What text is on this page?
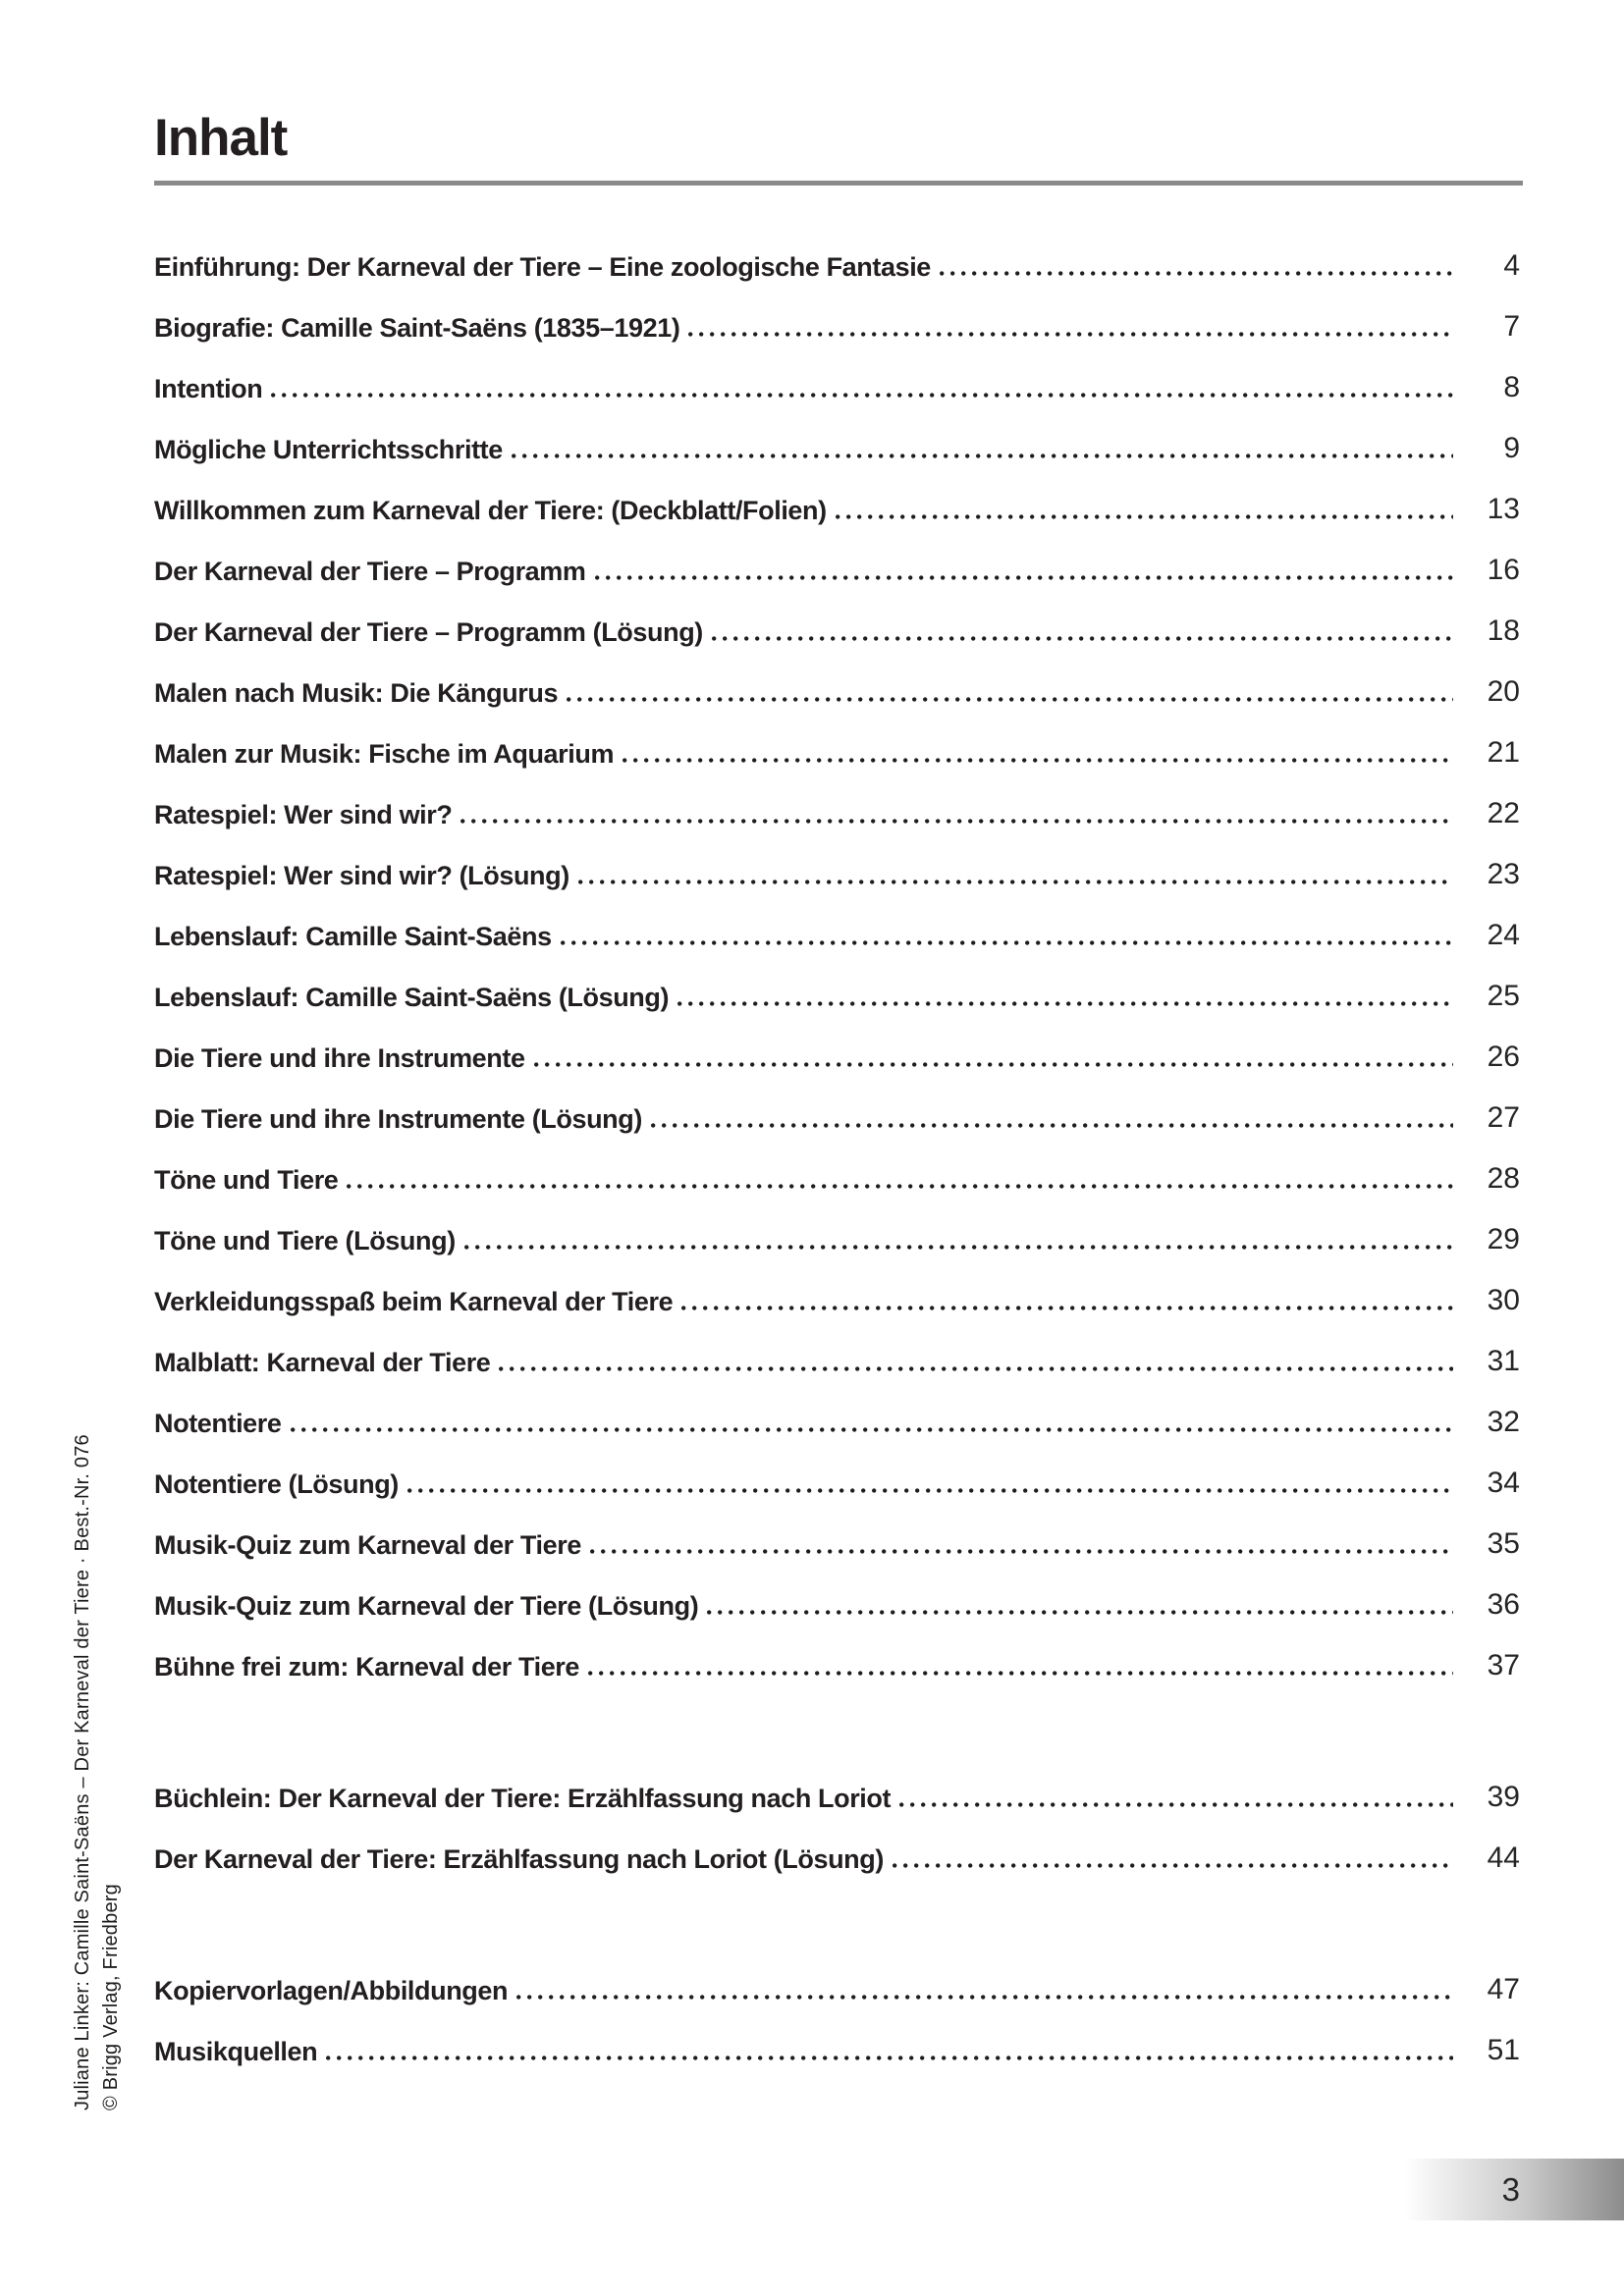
Juliane Linker: Camille Saint-Saëns – Der Karneval der Tiere · Best.-Nr. 076 © Brigg Verlag, Friedberg
Inhalt
Einführung: Der Karneval der Tiere – Eine zoologische Fantasie	4
Biografie: Camille Saint-Saëns (1835–1921)	7
Intention	8
Mögliche Unterrichtsschritte	9
Willkommen zum Karneval der Tiere: (Deckblatt/Folien)	13
Der Karneval der Tiere – Programm	16
Der Karneval der Tiere – Programm (Lösung)	18
Malen nach Musik: Die Kängurus	20
Malen zur Musik: Fische im Aquarium	21
Ratespiel: Wer sind wir?	22
Ratespiel: Wer sind wir? (Lösung)	23
Lebenslauf: Camille Saint-Saëns	24
Lebenslauf: Camille Saint-Saëns (Lösung)	25
Die Tiere und ihre Instrumente	26
Die Tiere und ihre Instrumente (Lösung)	27
Töne und Tiere	28
Töne und Tiere (Lösung)	29
Verkleidungsspaß beim Karneval der Tiere	30
Malblatt: Karneval der Tiere	31
Notentiere	32
Notentiere (Lösung)	34
Musik-Quiz zum Karneval der Tiere	35
Musik-Quiz zum Karneval der Tiere (Lösung)	36
Bühne frei zum: Karneval der Tiere	37
Büchlein: Der Karneval der Tiere: Erzählfassung nach Loriot	39
Der Karneval der Tiere: Erzählfassung nach Loriot (Lösung)	44
Kopiervorlagen/Abbildungen	47
Musikquellen	51
3
